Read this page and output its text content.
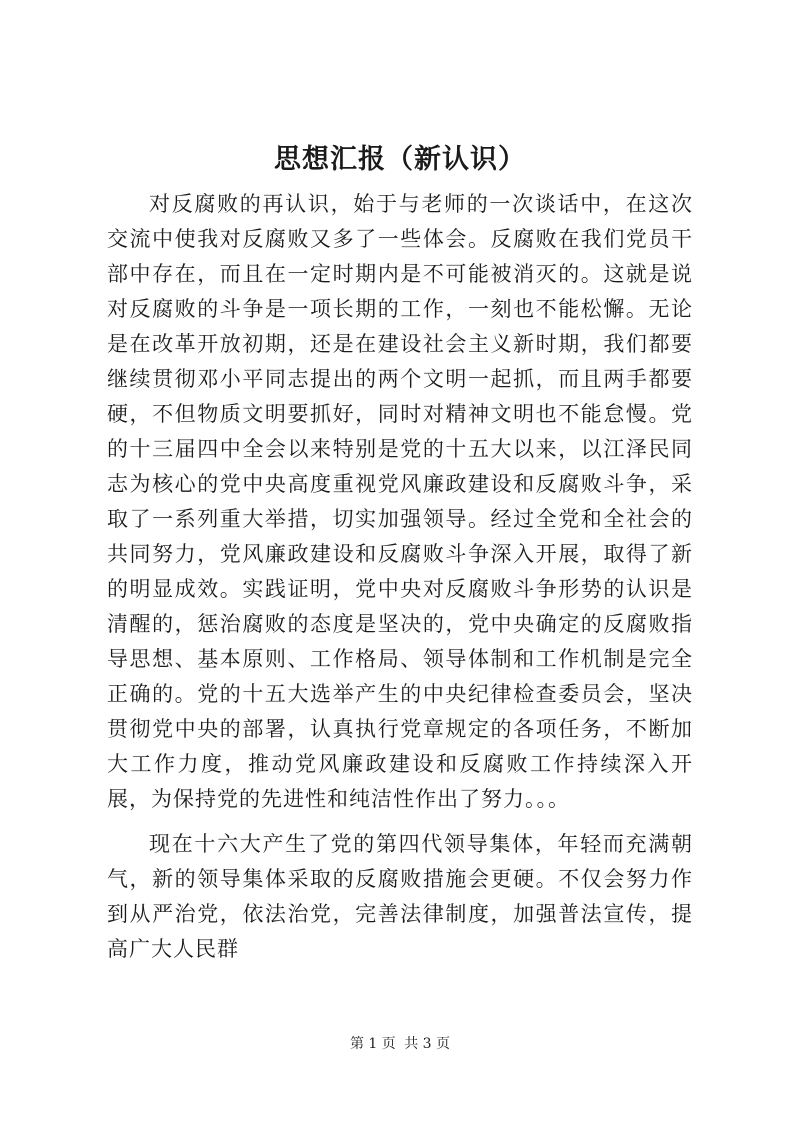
思想汇报（新认识）

对反腐败的再认识，始于与老师的一次谈话中，在这次交流中使我对反腐败又多了一些体会。反腐败在我们党员干部中存在，而且在一定时期内是不可能被消灭的。这就是说对反腐败的斗争是一项长期的工作，一刻也不能松懈。无论是在改革开放初期，还是在建设社会主义新时期，我们都要继续贯彻邓小平同志提出的两个文明一起抓，而且两手都要硬，不但物质文明要抓好，同时对精神文明也不能怠慢。党的十三届四中全会以来特别是党的十五大以来，以江泽民同志为核心的党中央高度重视党风廉政建设和反腐败斗争，采取了一系列重大举措，切实加强领导。经过全党和全社会的共同努力，党风廉政建设和反腐败斗争深入开展，取得了新的明显成效。实践证明，党中央对反腐败斗争形势的认识是清醒的，惩治腐败的态度是坚决的，党中央确定的反腐败指导思想、基本原则、工作格局、领导体制和工作机制是完全正确的。党的十五大选举产生的中央纪律检查委员会，坚决贯彻党中央的部署，认真执行党章规定的各项任务，不断加大工作力度，推动党风廉政建设和反腐败工作持续深入开展，为保持党的先进性和纯洁性作出了努力。。。

现在十六大产生了党的第四代领导集体，年轻而充满朝气，新的领导集体采取的反腐败措施会更硬。不仅会努力作到从严治党，依法治党，完善法律制度，加强普法宣传，提高广大人民群

第 1 页 共 3 页
